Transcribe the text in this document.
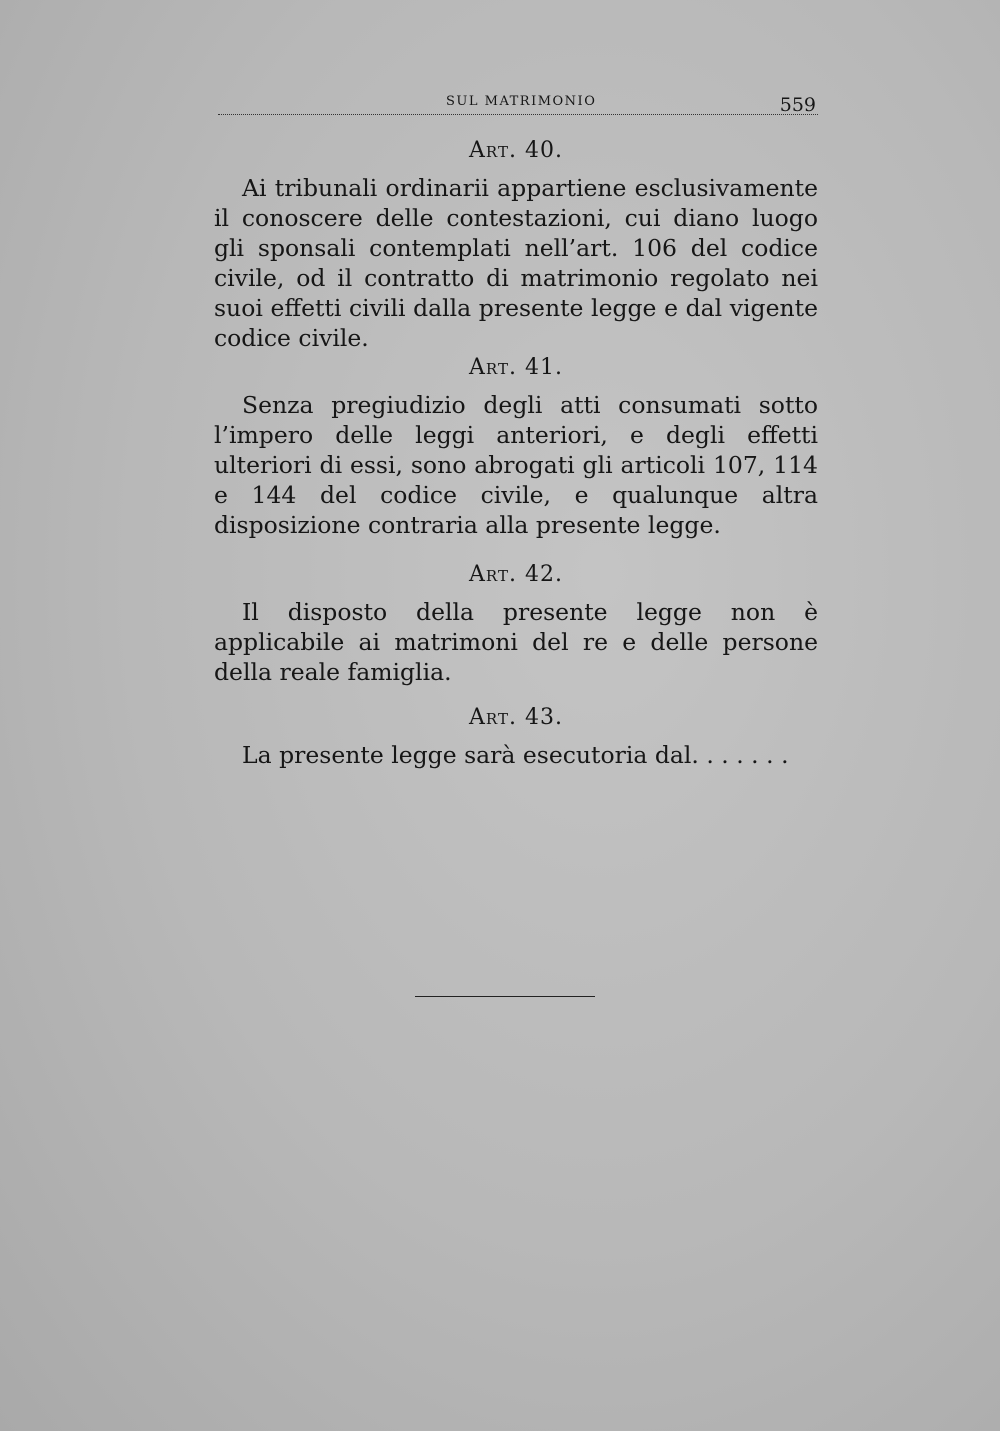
SUL MATRIMONIO	559
Art. 40.

Ai tribunali ordinarii appartiene esclusivamente il conoscere delle contestazioni, cui diano luogo gli sponsali contemplati nell’art. 106 del codice civile, od il contratto di matrimonio regolato nei suoi effetti civili dalla presente legge e dal vigente codice civile.

Art. 41.

Senza pregiudizio degli atti consumati sotto l’impero delle leggi anteriori, e degli effetti ulteriori di essi, sono abrogati gli articoli 107, 114 e 144 del codice civile, e qualunque altra disposizione contraria alla presente legge.

Art. 42.

Il disposto della presente legge non è applicabile ai matrimoni del re e delle persone della reale famiglia.

Art. 43.

La presente legge sarà esecutoria dal. . . . . . .
